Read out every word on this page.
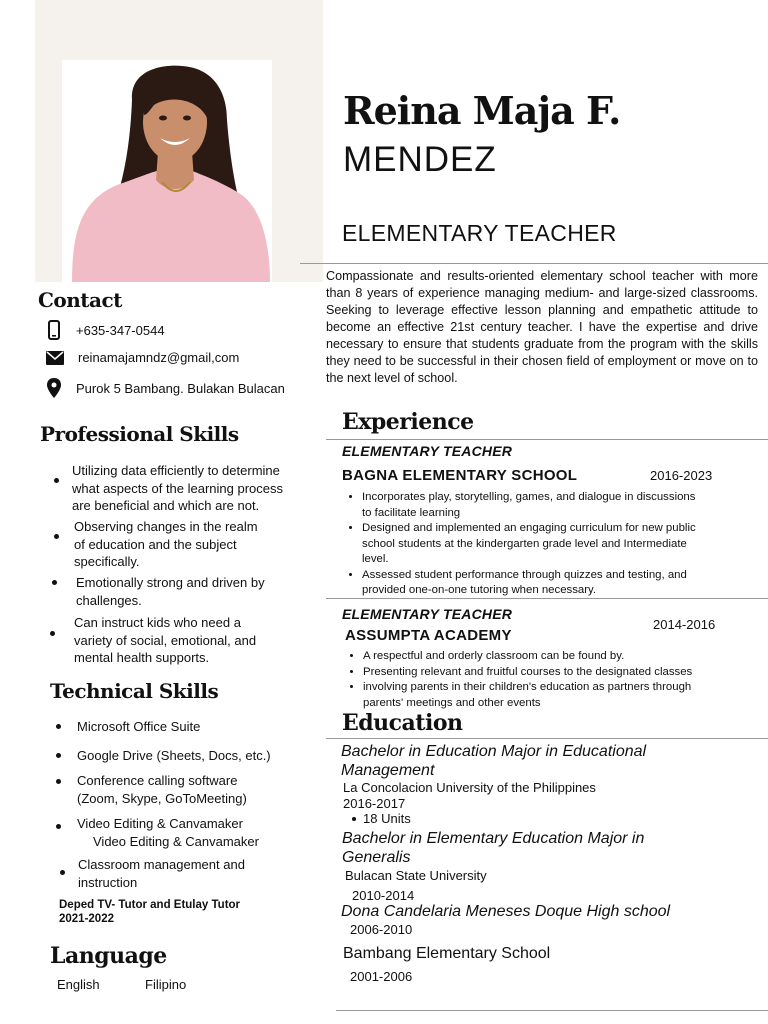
Reina Maja F.
MENDEZ
ELEMENTARY TEACHER
Compassionate and results-oriented elementary school teacher with more than 8 years of experience managing medium- and large-sized classrooms. Seeking to leverage effective lesson planning and empathetic attitude to become an effective 21st century teacher. I have the expertise and drive necessary to ensure that students graduate from the program with the skills they need to be successful in their chosen field of employment or move on to the next level of school.
Contact
+635-347-0544
reinamajamndz@gmail,com
Purok 5 Bambang. Bulakan Bulacan
Professional Skills
Utilizing data efficiently to determine
what aspects of the learning process
are beneficial and which are not.
Observing changes in the realm
of education and the subject
specifically.
Emotionally strong and driven by
challenges.
Can instruct kids who need a
variety of social, emotional, and
mental health supports.
Technical Skills
Microsoft Office Suite
Google Drive (Sheets, Docs, etc.)
Conference calling software
(Zoom, Skype, GoToMeeting)
Video Editing & Canvamaker
Video Editing & Canvamaker
Classroom management and
instruction
Deped TV- Tutor and Etulay Tutor
2021-2022
Language
English	Filipino
Experience
ELEMENTARY TEACHER
BAGNA ELEMENTARY SCHOOL	2016-2023
• Incorporates play, storytelling, games, and dialogue in discussions
to facilitate learning
• Designed and implemented an engaging curriculum for new public
school students at the kindergarten grade level and Intermediate
level.
• Assessed student performance through quizzes and testing, and
provided one-on-one tutoring when necessary.
ELEMENTARY TEACHER
ASSUMPTA ACADEMY
2014-2016
• A respectful and orderly classroom can be found by.
• Presenting relevant and fruitful courses to the designated classes
• involving parents in their children's education as partners through
parents' meetings and other events
Education
Bachelor in Education Major in Educational
Management
La Concolacion University of the Philippines
2016-2017
18 Units
Bachelor in Elementary Education Major in
Generalis
Bulacan State University
2010-2014
Dona Candelaria Meneses Doque High school
2006-2010
Bambang Elementary School
2001-2006
